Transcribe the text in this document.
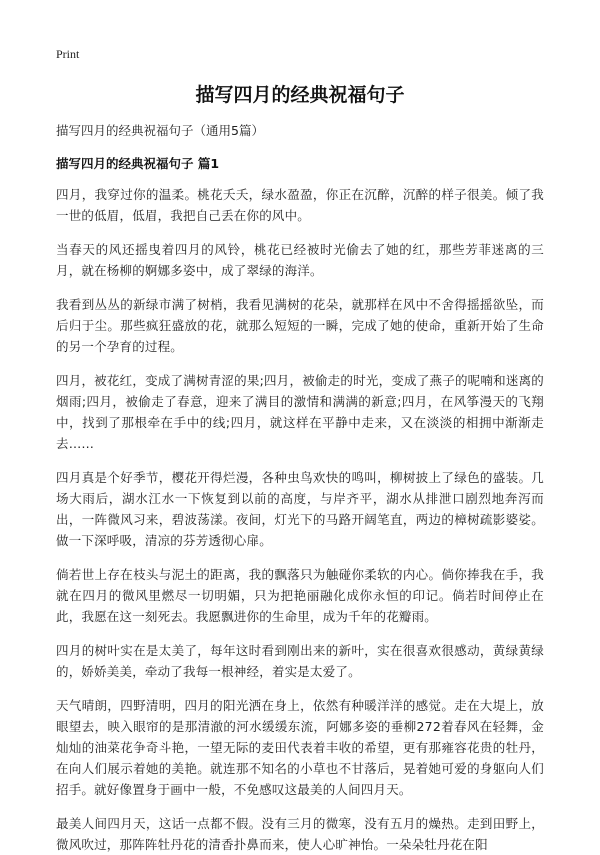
Print

描写四月的经典祝福句子

描写四月的经典祝福句子（通用5篇）

描写四月的经典祝福句子 篇1

四月，我穿过你的温柔。桃花夭夭，绿水盈盈，你正在沉醉，沉醉的样子很美。倾了我一世的低眉，低眉，我把自己丢在你的风中。

当春天的风还摇曳着四月的风铃，桃花已经被时光偷去了她的红，那些芳菲迷离的三月，就在杨柳的婀娜多姿中，成了翠绿的海洋。

我看到丛丛的新绿市满了树梢，我看见满树的花朵，就那样在风中不舍得摇摇欲坠，而后归于尘。那些疯狂盛放的花，就那么短短的一瞬，完成了她的使命，重新开始了生命的另一个孕育的过程。

四月，被花红，变成了满树青涩的果;四月，被偷走的时光，变成了燕子的呢喃和迷离的烟雨;四月，被偷走了春意，迎来了满目的激情和满满的新意;四月，在风筝漫天的飞翔中，找到了那根牵在手中的线;四月，就这样在平静中走来，又在淡淡的相拥中渐渐走去……

四月真是个好季节，樱花开得烂漫，各种虫鸟欢快的鸣叫，柳树披上了绿色的盛装。几场大雨后，湖水江水一下恢复到以前的高度，与岸齐平，湖水从排泄口剧烈地奔泻而出，一阵微风习来，碧波荡漾。夜间，灯光下的马路开阔笔直，两边的樟树疏影婆娑。做一下深呼吸，清凉的芬芳透彻心扉。

倘若世上存在枝头与泥土的距离，我的飘落只为触碰你柔软的内心。倘你捧我在手，我就在四月的微风里燃尽一切明媚，只为把艳丽融化成你永恒的印记。倘若时间停止在此，我愿在这一刻死去。我愿飘进你的生命里，成为千年的花瓣雨。

四月的树叶实在是太美了，每年这时看到刚出来的新叶，实在很喜欢很感动，黄绿黄绿的，娇娇美美，牵动了我每一根神经，着实是太爱了。

天气晴朗，四野清明，四月的阳光洒在身上，依然有种暖洋洋的感觉。走在大堤上，放眼望去，映入眼帘的是那清澈的河水缓缓东流，阿娜多姿的垂柳272着春风在轻舞，金灿灿的油菜花争奇斗艳，一望无际的麦田代表着丰收的希望，更有那雍容花贵的牡丹，在向人们展示着她的美艳。就连那不知名的小草也不甘落后，晃着她可爱的身躯向人们招手。就好像置身于画中一般，不免感叹这最美的人间四月天。

最美人间四月天，这话一点都不假。没有三月的微寒，没有五月的燥热。走到田野上，微风吹过，那阵阵牡丹花的清香扑鼻而来，使人心旷神怡。一朵朵牡丹花在阳
